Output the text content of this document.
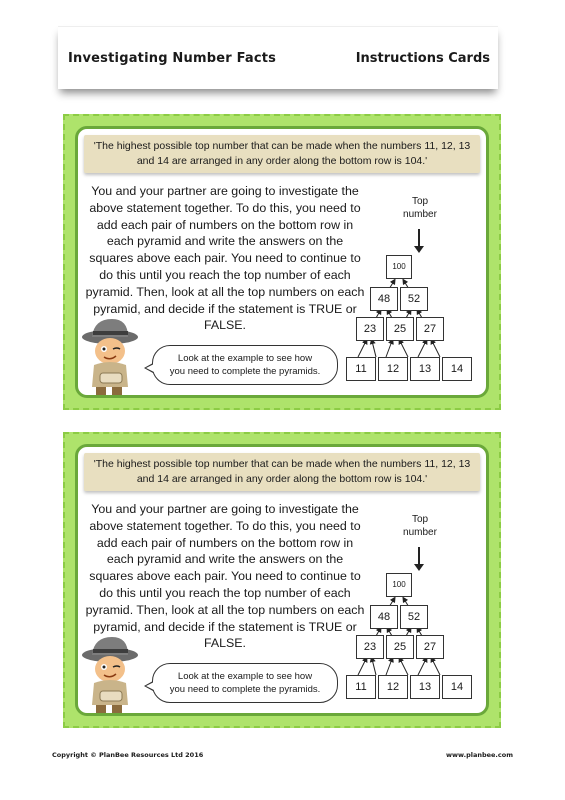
Investigating Number Facts	Instructions Cards
'The highest possible top number that can be made when the numbers 11, 12, 13
and 14 are arranged in any order along the bottom row is 104.'
You and your partner are going to investigate the above statement together. To do this, you need to add each pair of numbers on the bottom row in each pyramid and write the answers on the squares above each pair. You need to continue to do this until you reach the top number of each pyramid. Then, look at all the top numbers on each pyramid, and decide if the statement is TRUE or FALSE.
Top
number
100
48	52
23	25	27
11	12	13	14
Look at the example to see how
you need to complete the pyramids.
'The highest possible top number that can be made when the numbers 11, 12, 13
and 14 are arranged in any order along the bottom row is 104.'
You and your partner are going to investigate the above statement together. To do this, you need to add each pair of numbers on the bottom row in each pyramid and write the answers on the squares above each pair. You need to continue to do this until you reach the top number of each pyramid. Then, look at all the top numbers on each pyramid, and decide if the statement is TRUE or FALSE.
Top
number
100
48	52
23	25	27
11	12	13	14
Look at the example to see how
you need to complete the pyramids.
Copyright © PlanBee Resources Ltd 2016	www.planbee.com
